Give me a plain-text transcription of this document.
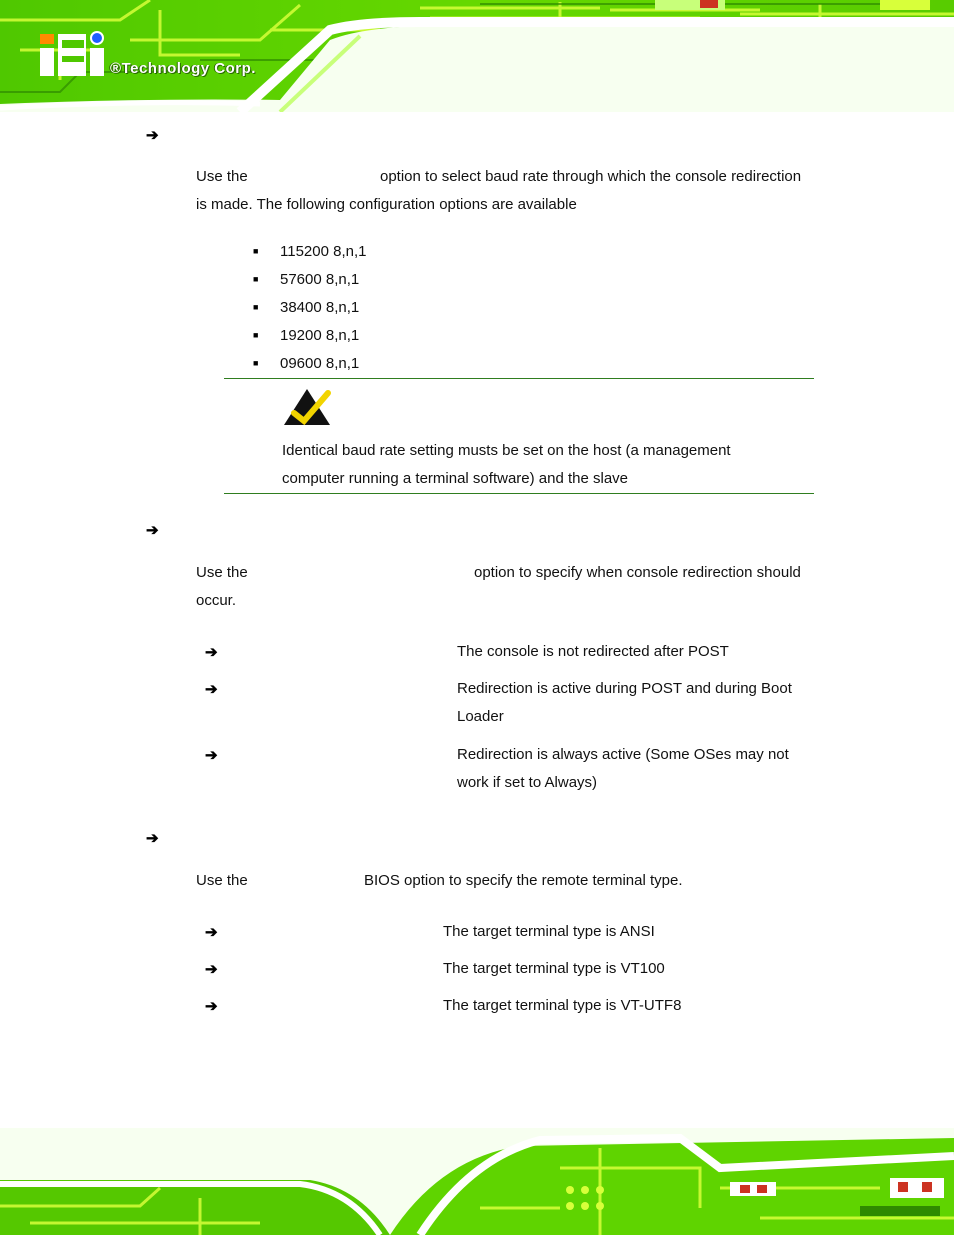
®Technology Corp.
➔
Use the	option to select baud rate through which the console redirection
is made. The following configuration options are available
■ 115200 8,n,1
■ 57600 8,n,1
■ 38400 8,n,1
■ 19200 8,n,1
■ 09600 8,n,1
Identical baud rate setting musts be set on the host (a management
computer running a terminal software) and the slave
➔
Use the	option to specify when console redirection should
occur.
➔	The console is not redirected after POST
➔	Redirection is active during POST and during Boot
Loader
➔	Redirection is always active (Some OSes may not
work if set to Always)
➔
Use the	BIOS option to specify the remote terminal type.
➔	The target terminal type is ANSI
➔	The target terminal type is VT100
➔	The target terminal type is VT-UTF8
